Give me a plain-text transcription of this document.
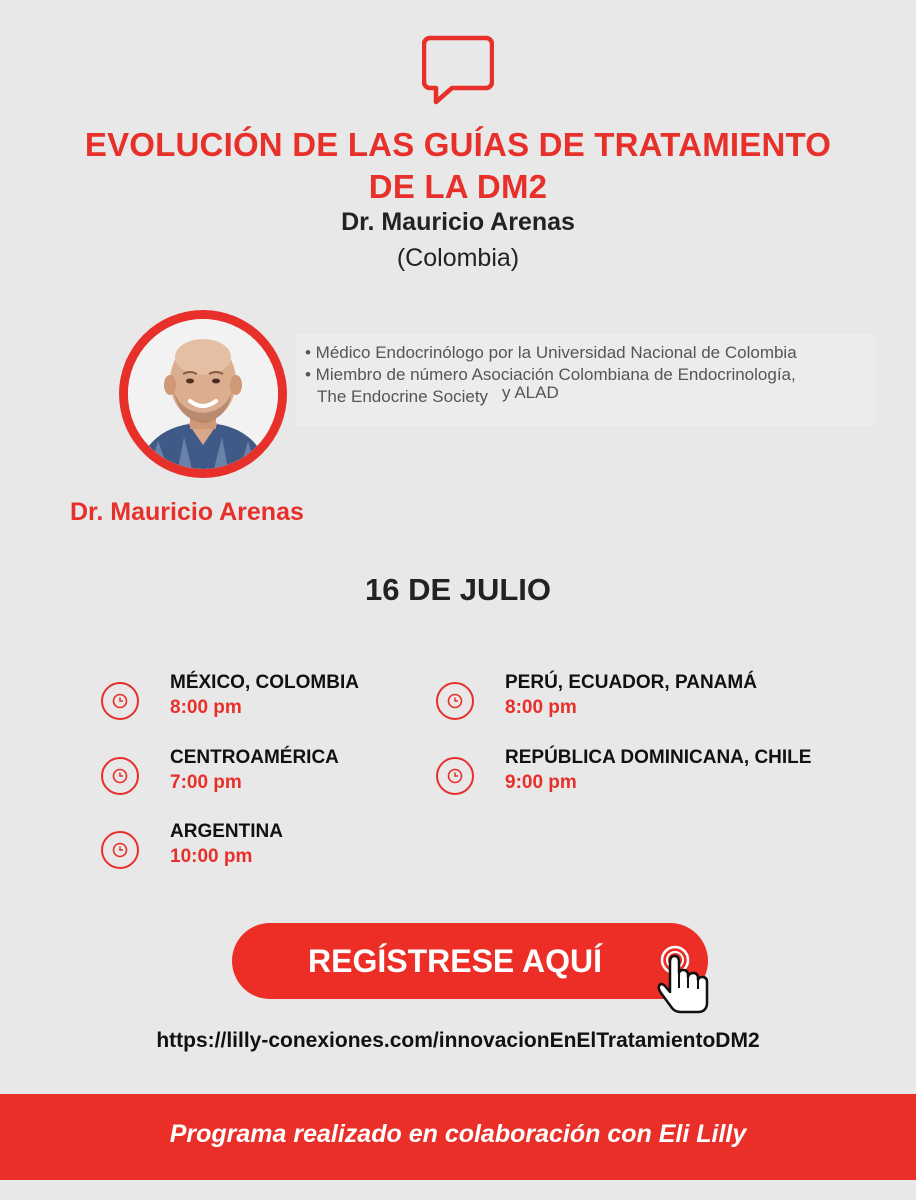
EVOLUCIÓN DE LAS GUÍAS DE TRATAMIENTO
DE LA DM2
Dr. Mauricio Arenas
(Colombia)
• Médico Endocrinólogo por la Universidad Nacional de Colombia
• Miembro de número Asociación Colombiana de Endocrinología,
The Endocrine Society y ALAD
Dr. Mauricio Arenas
16 DE JULIO
MÉXICO, COLOMBIA
8:00 pm
PERÚ, ECUADOR, PANAMÁ
8:00 pm
CENTROAMÉRICA
7:00 pm
REPÚBLICA DOMINICANA, CHILE
9:00 pm
ARGENTINA
10:00 pm
REGÍSTRESE AQUÍ
https://lilly-conexiones.com/innovacionEnElTratamientoDM2
Programa realizado en colaboración con Eli Lilly
